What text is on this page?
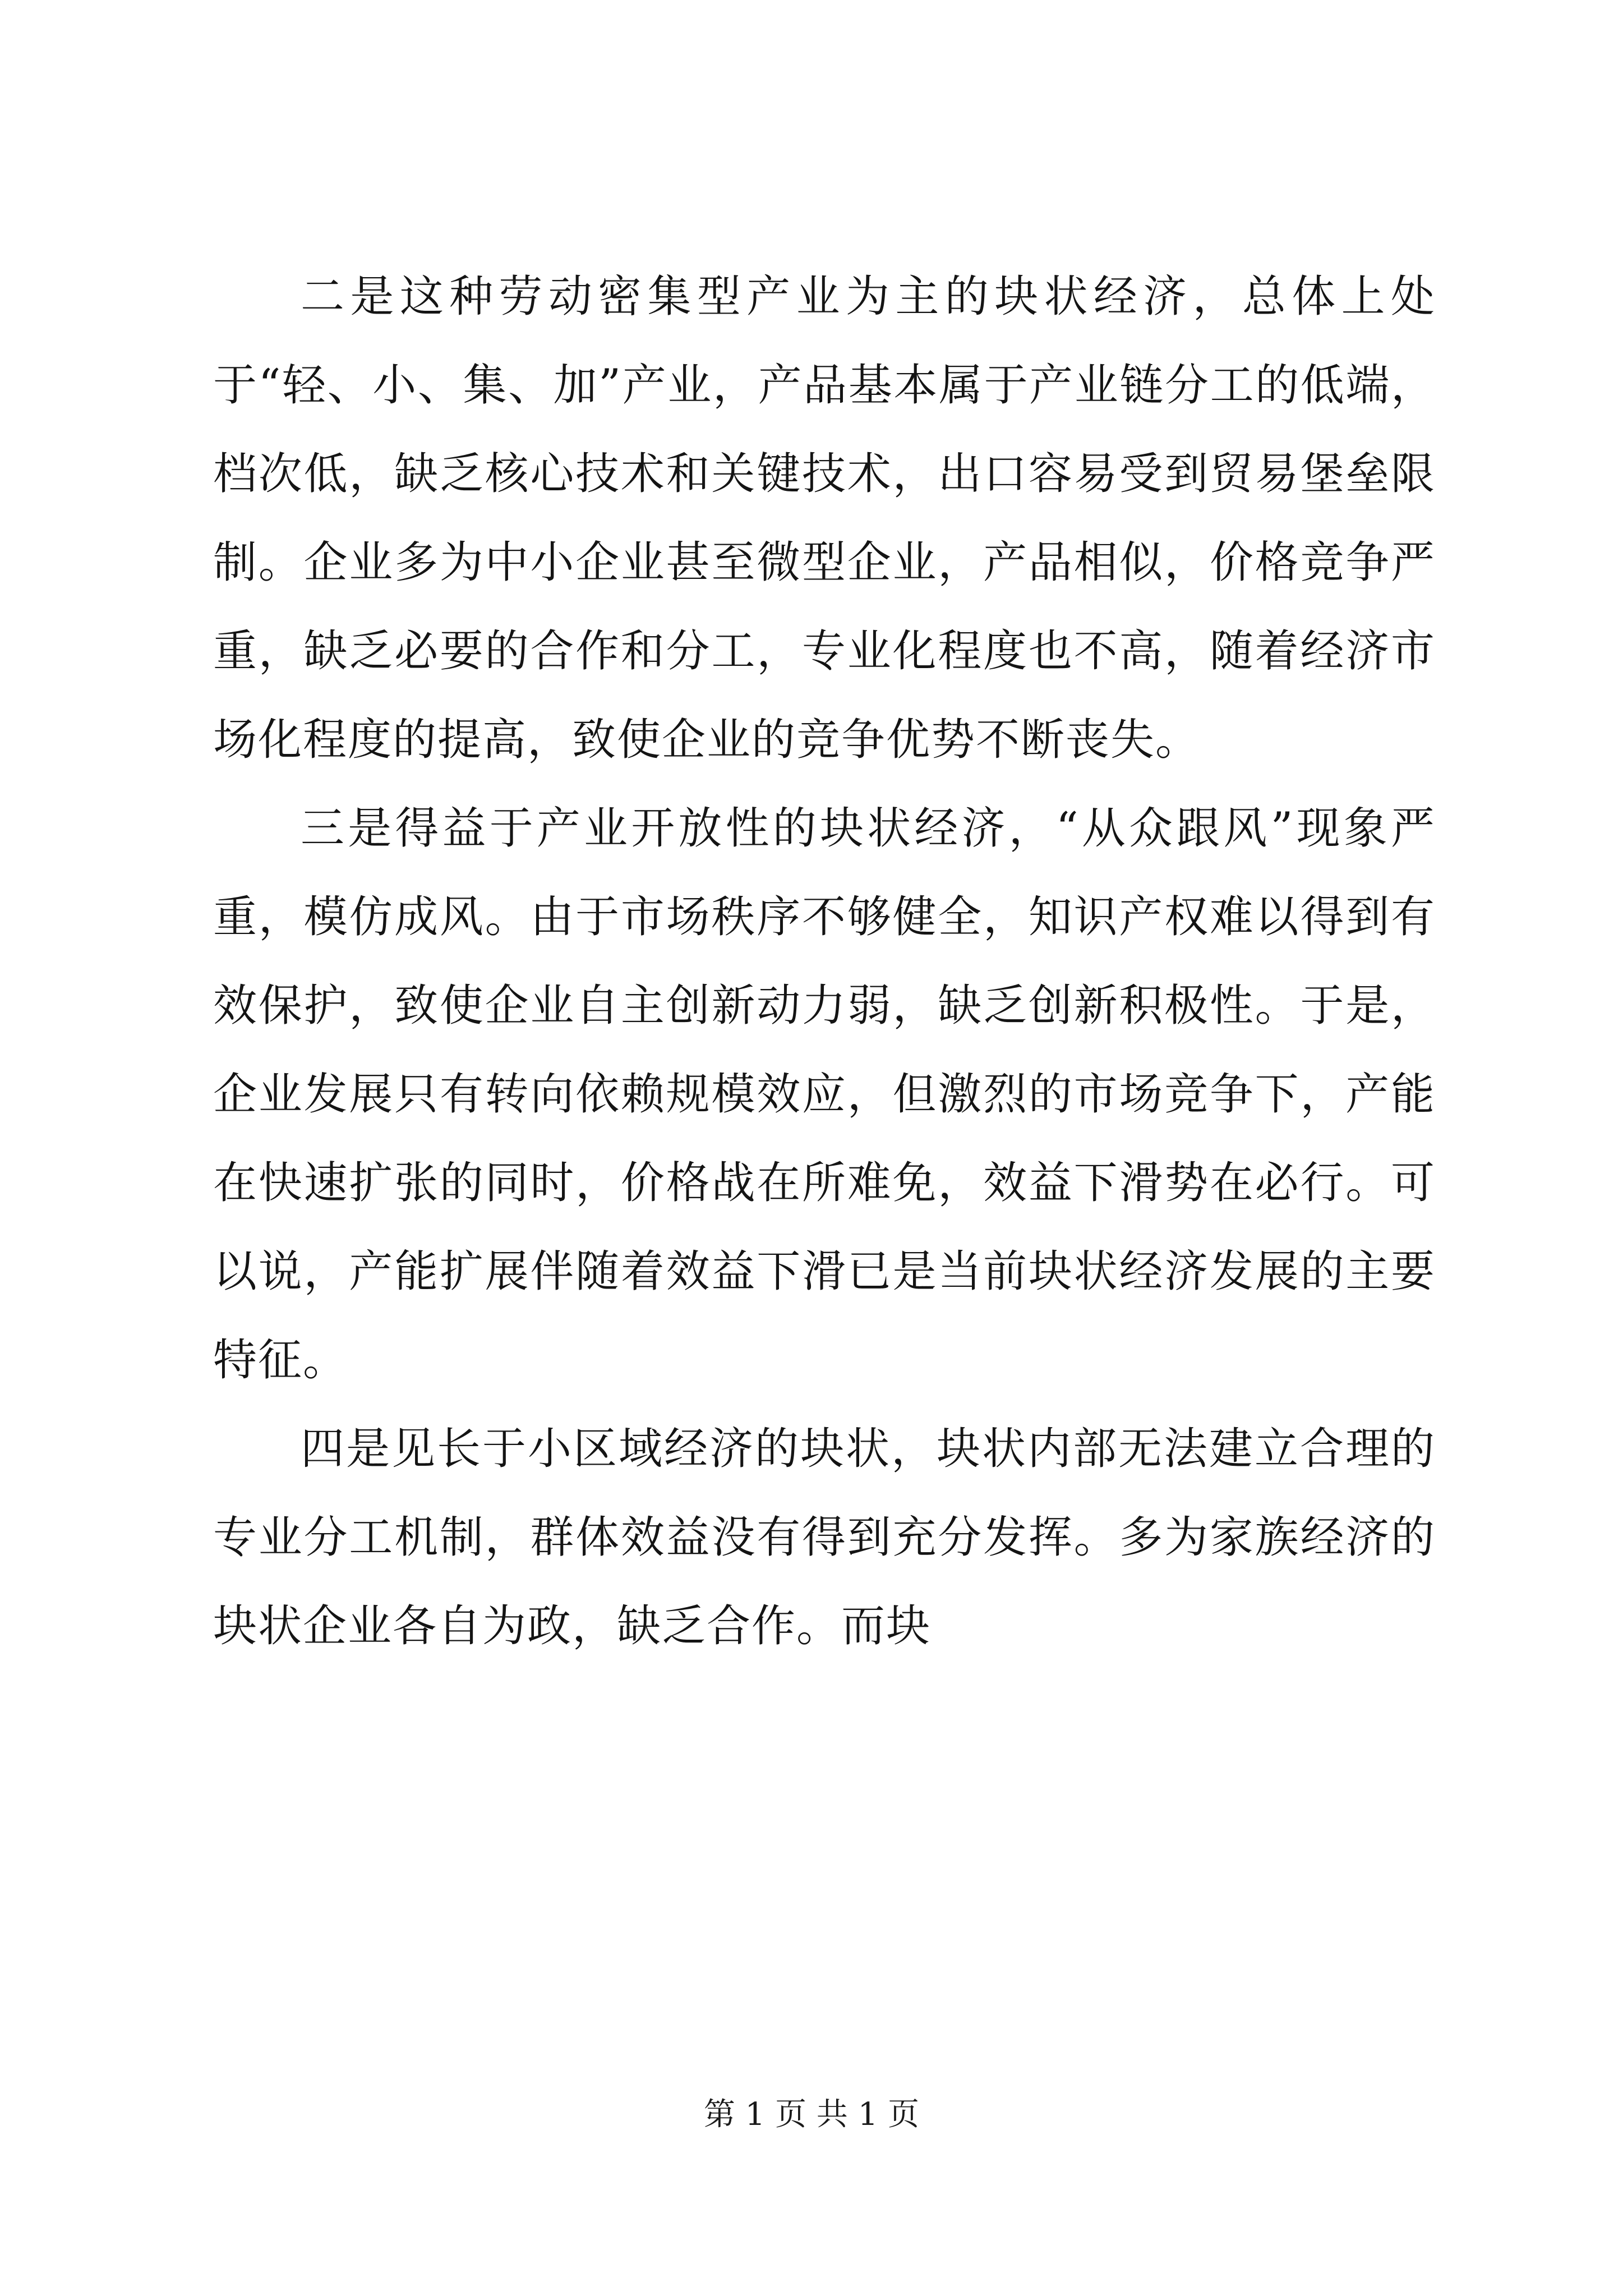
二是这种劳动密集型产业为主的块状经济，总体上处于“轻、小、集、加”产业，产品基本属于产业链分工的低端，档次低，缺乏核心技术和关键技术，出口容易受到贸易堡垒限制。企业多为中小企业甚至微型企业，产品相似，价格竞争严重，缺乏必要的合作和分工，专业化程度也不高，随着经济市场化程度的提高，致使企业的竞争优势不断丧失。

三是得益于产业开放性的块状经济，“从众跟风”现象严重，模仿成风。由于市场秩序不够健全，知识产权难以得到有效保护，致使企业自主创新动力弱，缺乏创新积极性。于是，企业发展只有转向依赖规模效应，但激烈的市场竞争下，产能在快速扩张的同时，价格战在所难免，效益下滑势在必行。可以说，产能扩展伴随着效益下滑已是当前块状经济发展的主要特征。

四是见长于小区域经济的块状，块状内部无法建立合理的专业分工机制，群体效益没有得到充分发挥。多为家族经济的块状企业各自为政，缺乏合作。而块

第 1 页 共 1 页
